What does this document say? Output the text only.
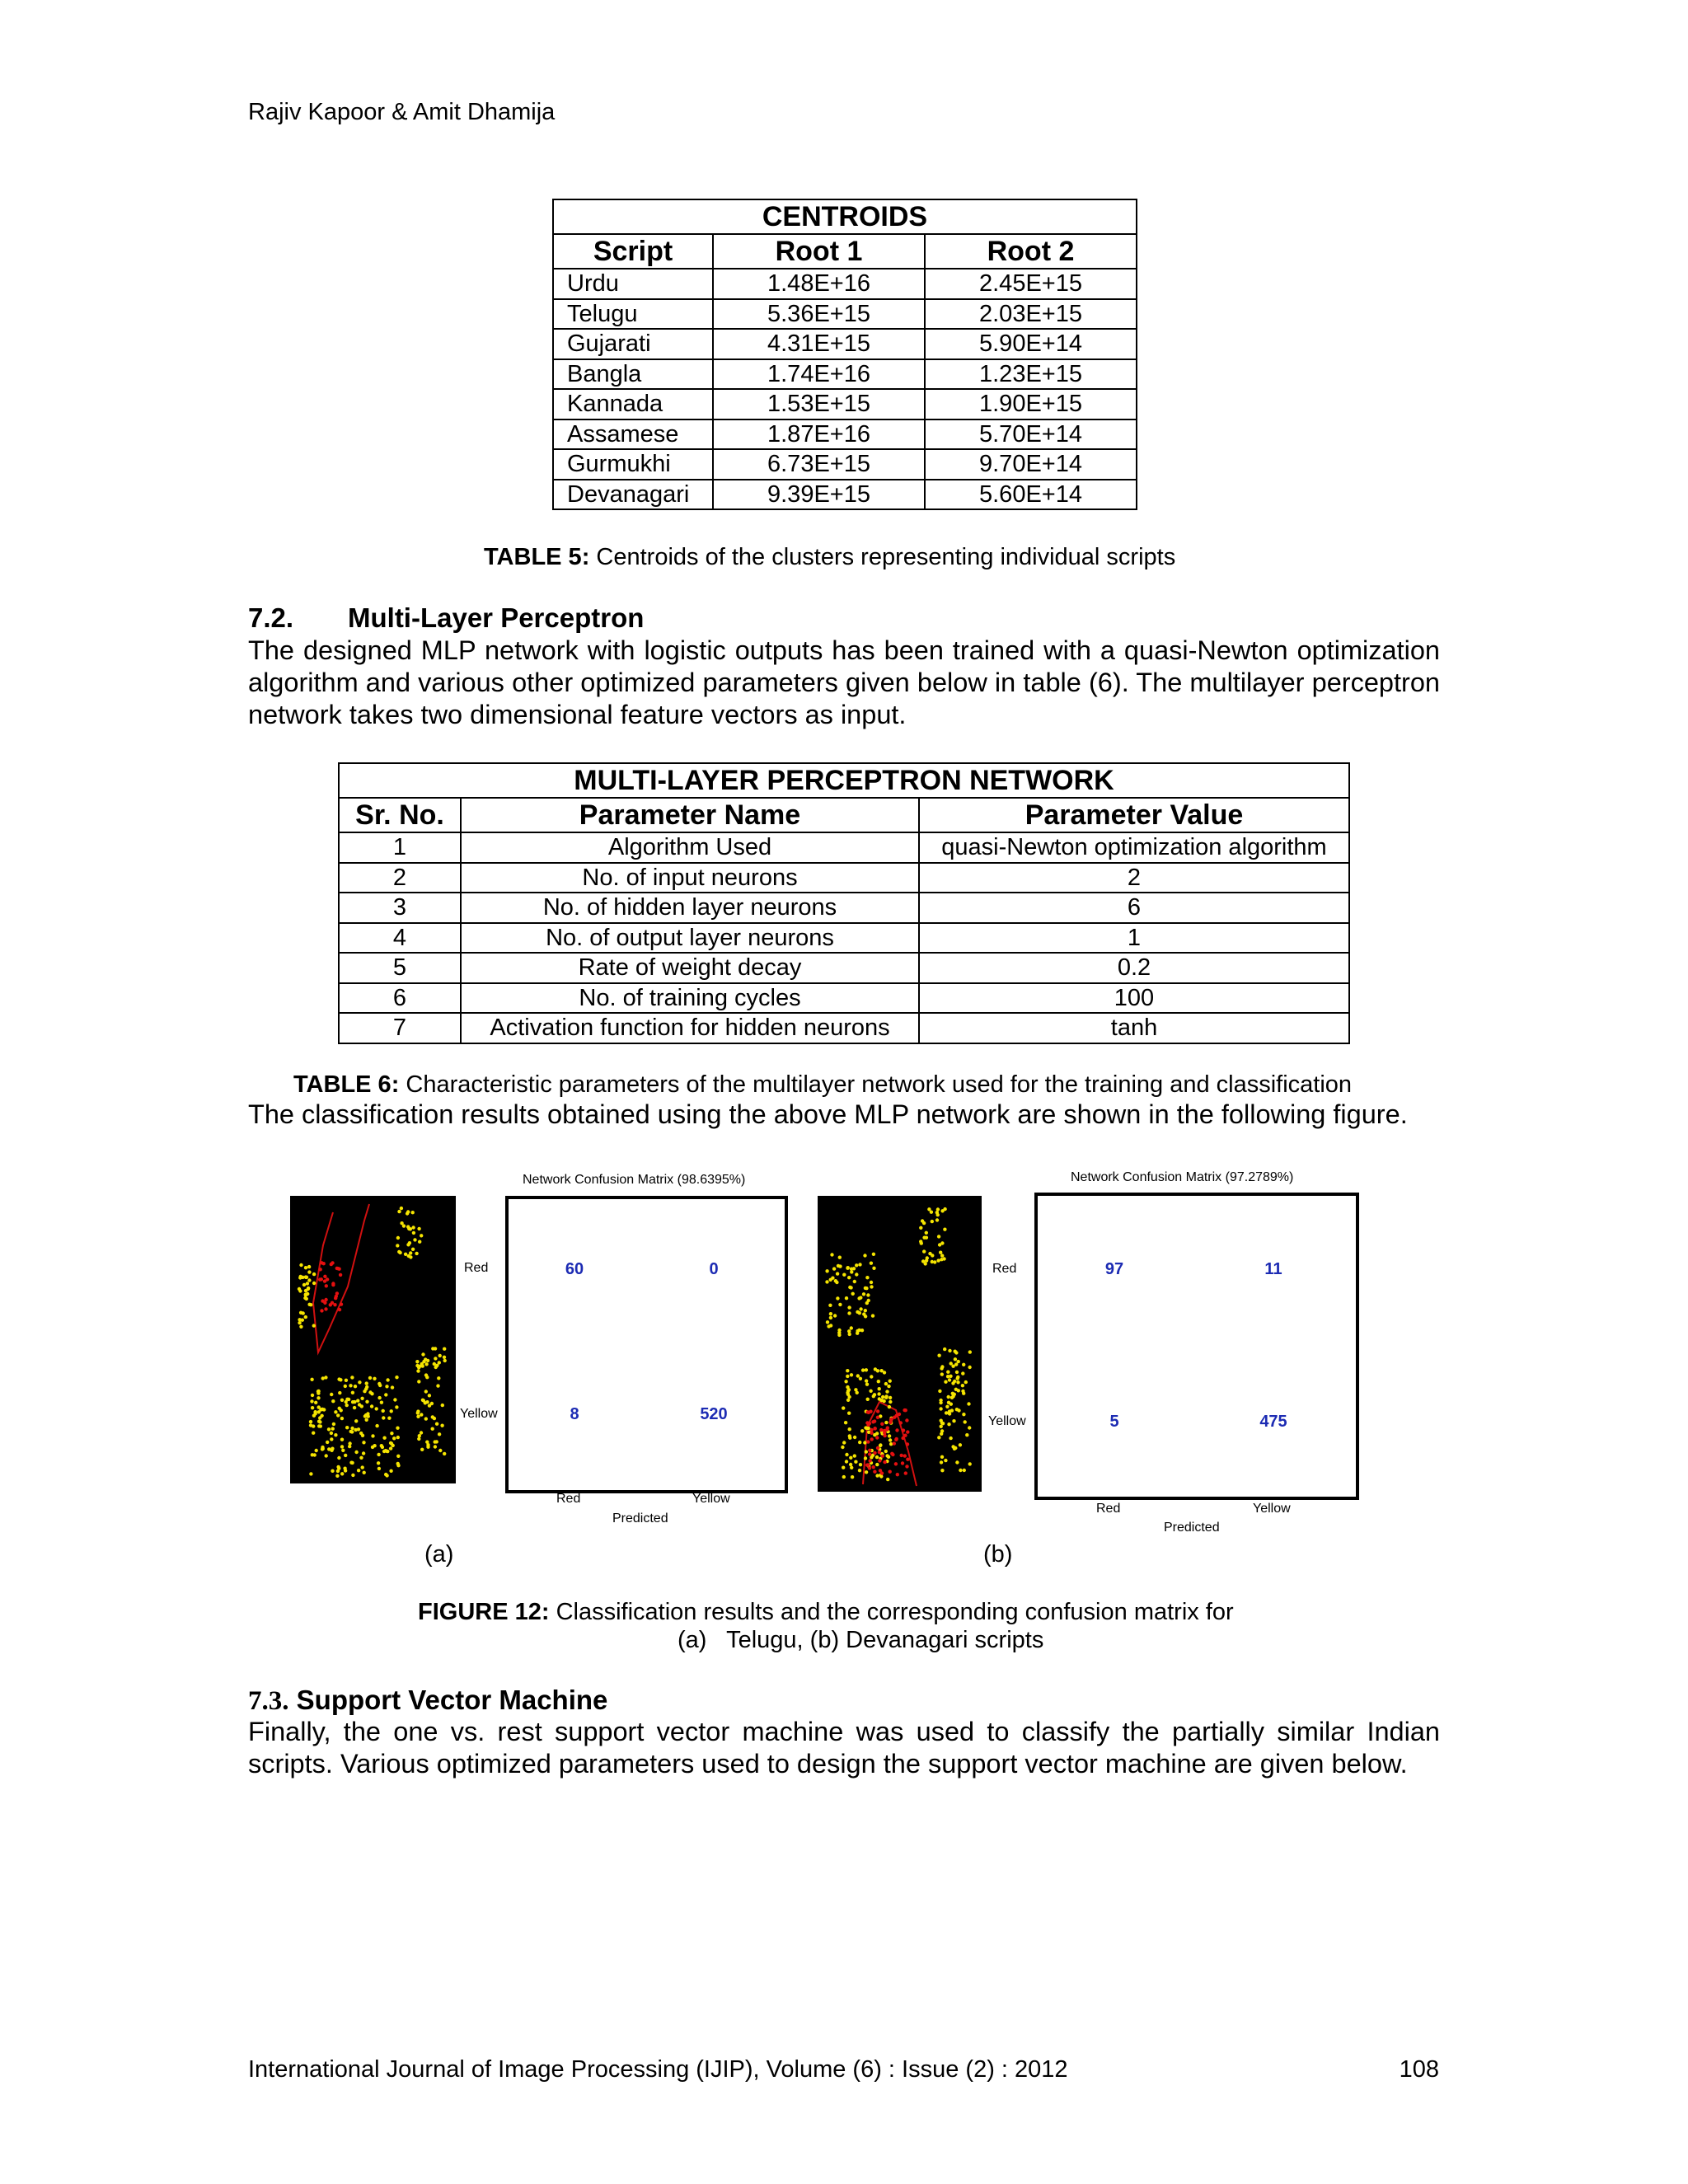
Rajiv Kapoor & Amit Dhamija
CENTROIDS		
Script	Root 1	Root 2
Urdu	1.48E+16	2.45E+15
Telugu	5.36E+15	2.03E+15
Gujarati	4.31E+15	5.90E+14
Bangla	1.74E+16	1.23E+15
Kannada	1.53E+15	1.90E+15
Assamese	1.87E+16	5.70E+14
Gurmukhi	6.73E+15	9.70E+14
Devanagari	9.39E+15	5.60E+14
TABLE 5: Centroids of the clusters representing individual scripts
7.2. Multi-Layer Perceptron
The designed MLP network with logistic outputs has been trained with a quasi-Newton optimization algorithm and various other optimized parameters given below in table (6). The multilayer perceptron network takes two dimensional feature vectors as input.
MULTI-LAYER PERCEPTRON NETWORK		
Sr. No.	Parameter Name	Parameter Value
1	Algorithm Used	quasi-Newton optimization algorithm
2	No. of input neurons	2
3	No. of hidden layer neurons	6
4	No. of output layer neurons	1
5	Rate of weight decay	0.2
6	No. of training cycles	100
7	Activation function for hidden neurons	tanh
TABLE 6: Characteristic parameters of the multilayer network used for the training and classification
The classification results obtained using the above MLP network are shown in the following figure.
Network Confusion Matrix (98.6395%)
Red
Yellow
60	0
8	520
Red	Yellow
Predicted
(a)
Network Confusion Matrix (97.2789%)
Red
Yellow
97	11
5	475
Red	Yellow
Predicted
(b)
FIGURE 12: Classification results and the corresponding confusion matrix for
(a)   Telugu, (b) Devanagari scripts
7.3. Support Vector Machine
Finally, the one vs. rest support vector machine was used to classify the partially similar Indian scripts. Various optimized parameters used to design the support vector machine are given below.
International Journal of Image Processing (IJIP), Volume (6) : Issue (2) : 2012	108
